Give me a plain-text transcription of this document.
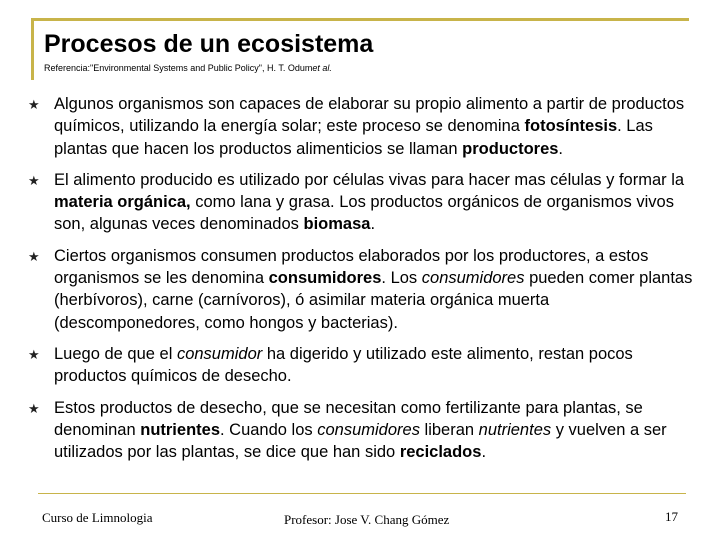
Procesos de un ecosistema
Referencia:"Environmental Systems and Public Policy", H. T. Odumet al.
★ Algunos organismos son capaces de elaborar su propio alimento a partir de productos químicos, utilizando la energía solar; este proceso se denomina fotosíntesis. Las plantas que hacen los productos alimenticios se llaman productores.
★ El alimento producido es utilizado por células vivas para hacer mas células y formar la materia orgánica, como lana y grasa. Los productos orgánicos de organismos vivos son, algunas veces denominados biomasa.
★ Ciertos organismos consumen productos elaborados por los productores, a estos organismos se les denomina consumidores. Los consumidores pueden comer plantas (herbívoros), carne (carnívoros), ó asimilar materia orgánica muerta (descomponedores, como hongos y bacterias).
★ Luego de que el consumidor ha digerido y utilizado este alimento, restan pocos productos químicos de desecho.
★ Estos productos de desecho, que se necesitan como fertilizante para plantas, se denominan nutrientes. Cuando los consumidores liberan nutrientes y vuelven a ser utilizados por las plantas, se dice que han sido reciclados.
Curso de Limnologia	Profesor: Jose V. Chang Gómez	17
